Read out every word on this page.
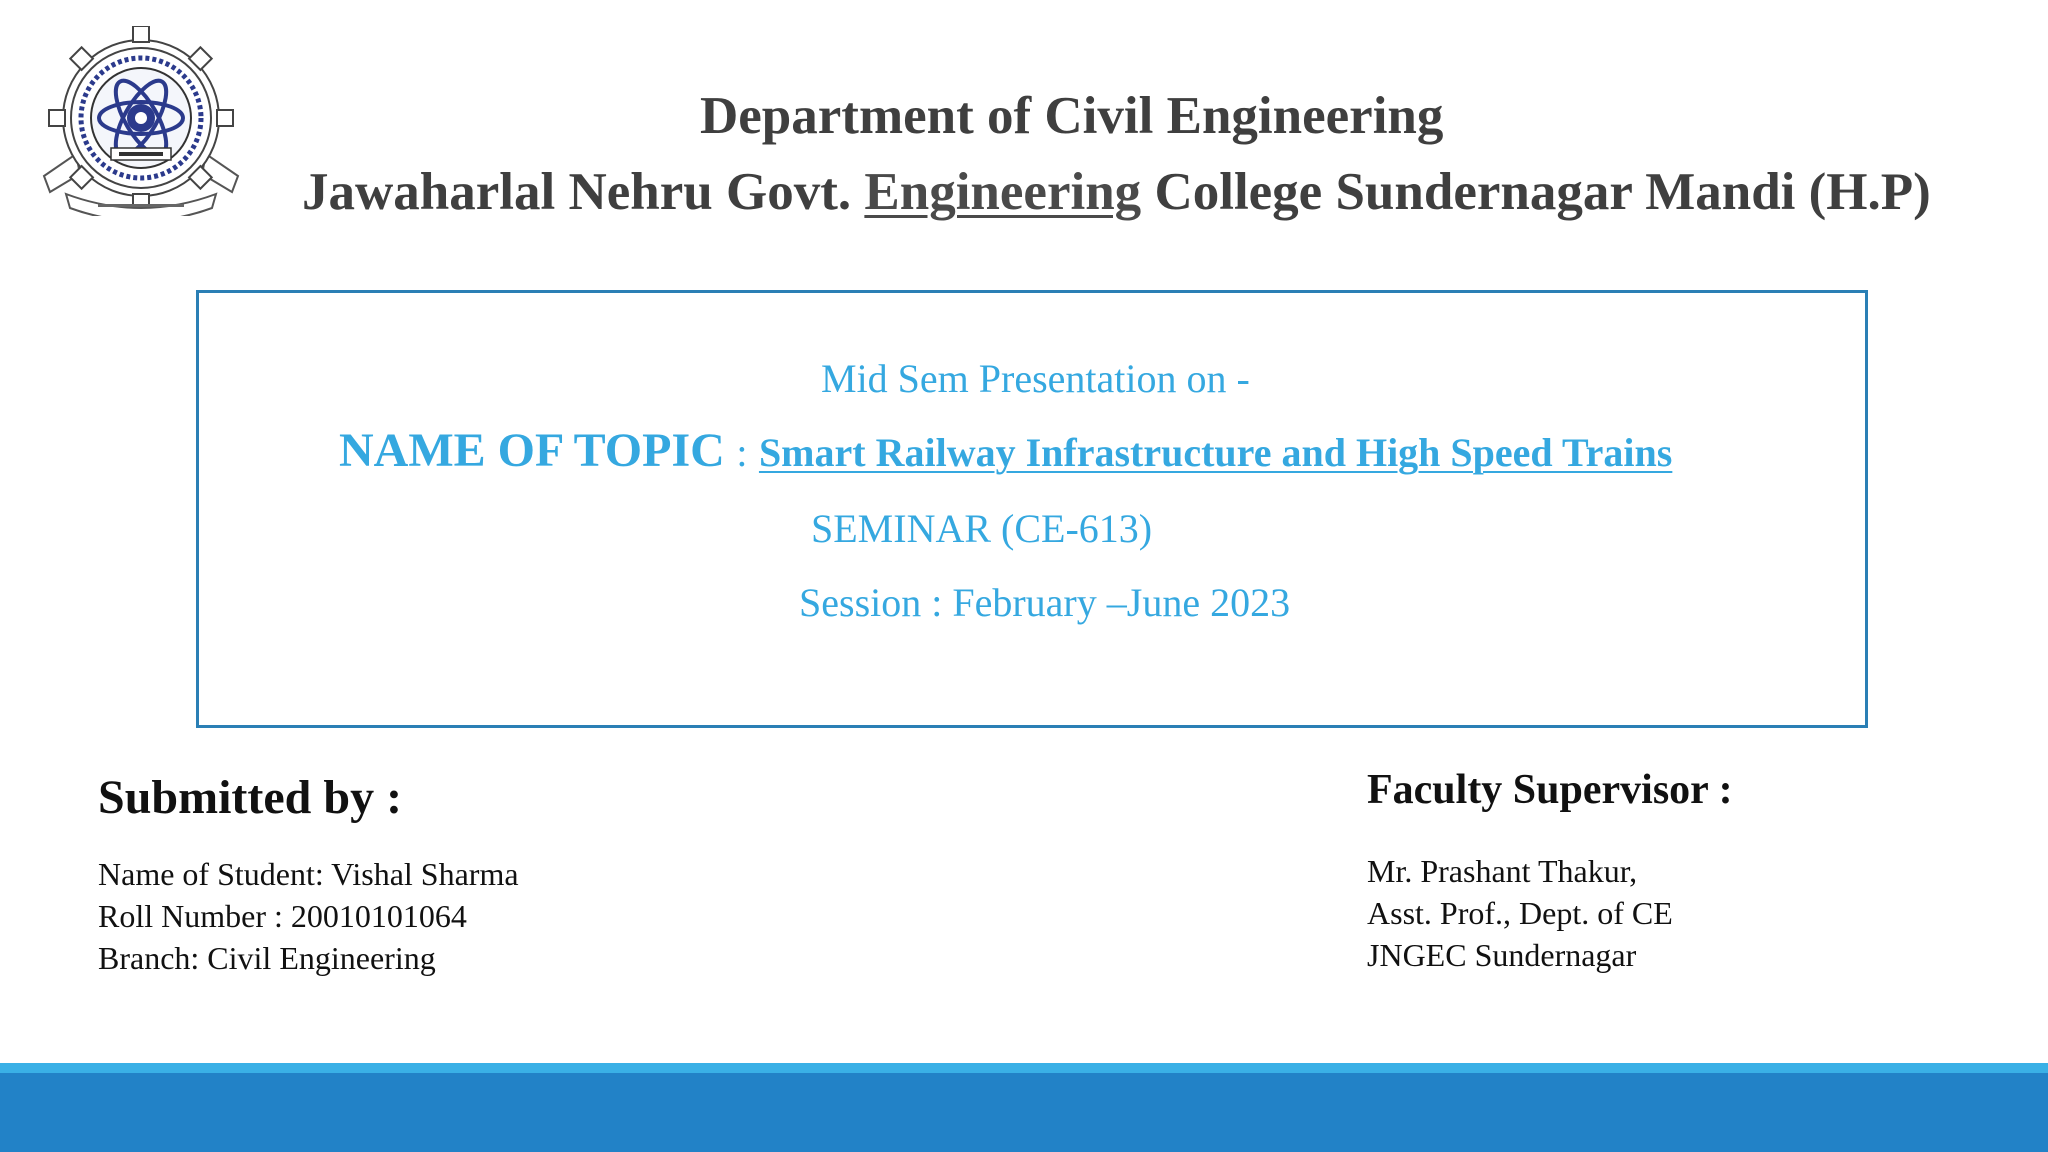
Department of Civil Engineering
Jawaharlal Nehru Govt. Engineering College Sundernagar Mandi (H.P)
Mid Sem Presentation on -
NAME OF TOPIC : Smart Railway Infrastructure and High Speed Trains
SEMINAR (CE-613)
Session : February –June 2023
Submitted by :
Name of Student: Vishal Sharma
Roll Number : 20010101064
Branch: Civil Engineering
Faculty Supervisor :
Mr. Prashant Thakur,
Asst. Prof., Dept. of CE
JNGEC Sundernagar
